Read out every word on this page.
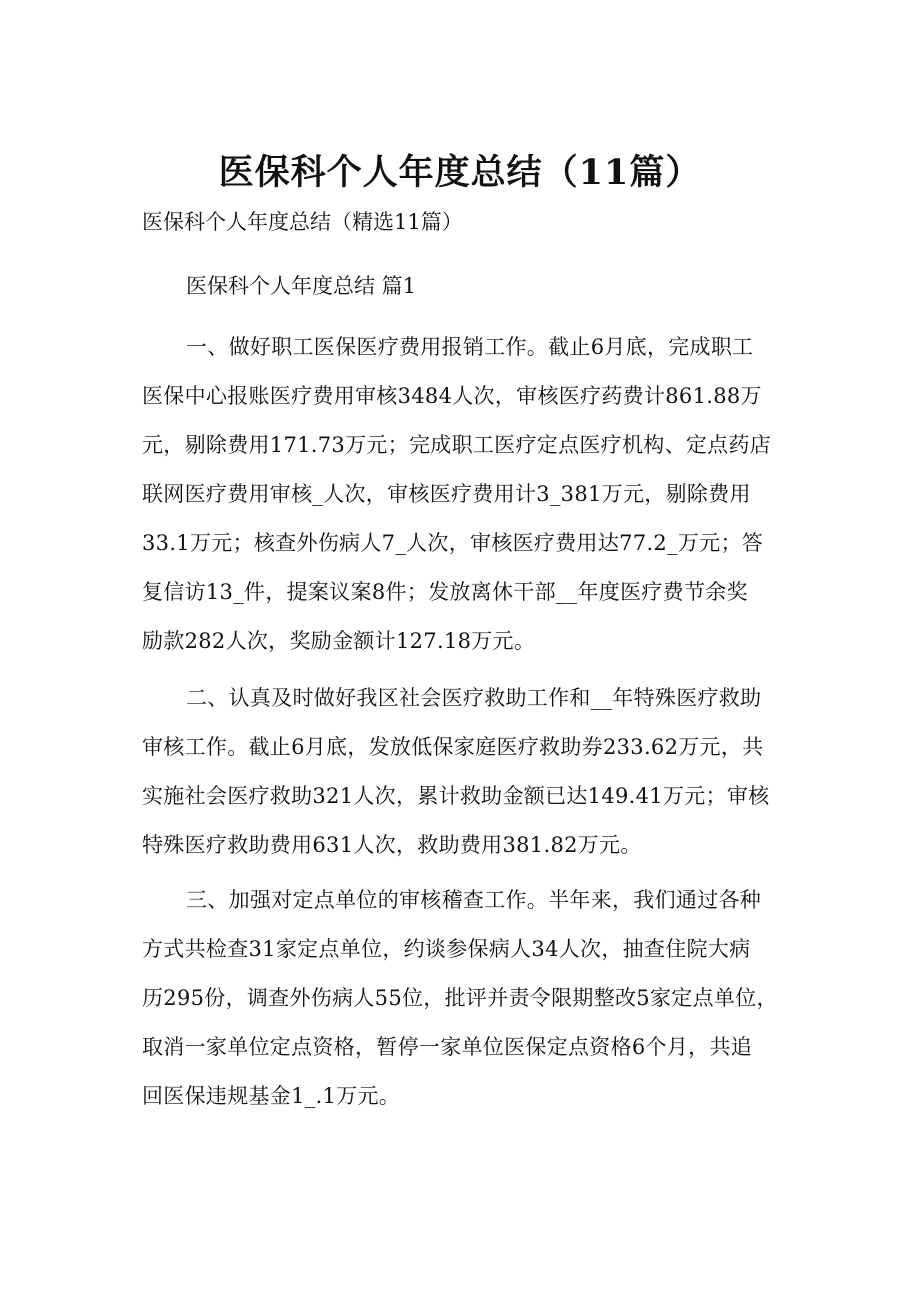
医保科个人年度总结（11篇）
医保科个人年度总结（精选11篇）
医保科个人年度总结 篇1
一、做好职工医保医疗费用报销工作。截止6月底，完成职工
医保中心报账医疗费用审核3484人次，审核医疗药费计861.88万
元，剔除费用171.73万元；完成职工医疗定点医疗机构、定点药店
联网医疗费用审核_人次，审核医疗费用计3_381万元，剔除费用
33.1万元；核查外伤病人7_人次，审核医疗费用达77.2_万元；答
复信访13_件，提案议案8件；发放离休干部__年度医疗费节余奖
励款282人次，奖励金额计127.18万元。
二、认真及时做好我区社会医疗救助工作和__年特殊医疗救助
审核工作。截止6月底，发放低保家庭医疗救助券233.62万元，共
实施社会医疗救助321人次，累计救助金额已达149.41万元；审核
特殊医疗救助费用631人次，救助费用381.82万元。
三、加强对定点单位的审核稽查工作。半年来，我们通过各种
方式共检查31家定点单位，约谈参保病人34人次，抽查住院大病
历295份，调查外伤病人55位，批评并责令限期整改5家定点单位，
取消一家单位定点资格，暂停一家单位医保定点资格6个月，共追
回医保违规基金1_.1万元。
